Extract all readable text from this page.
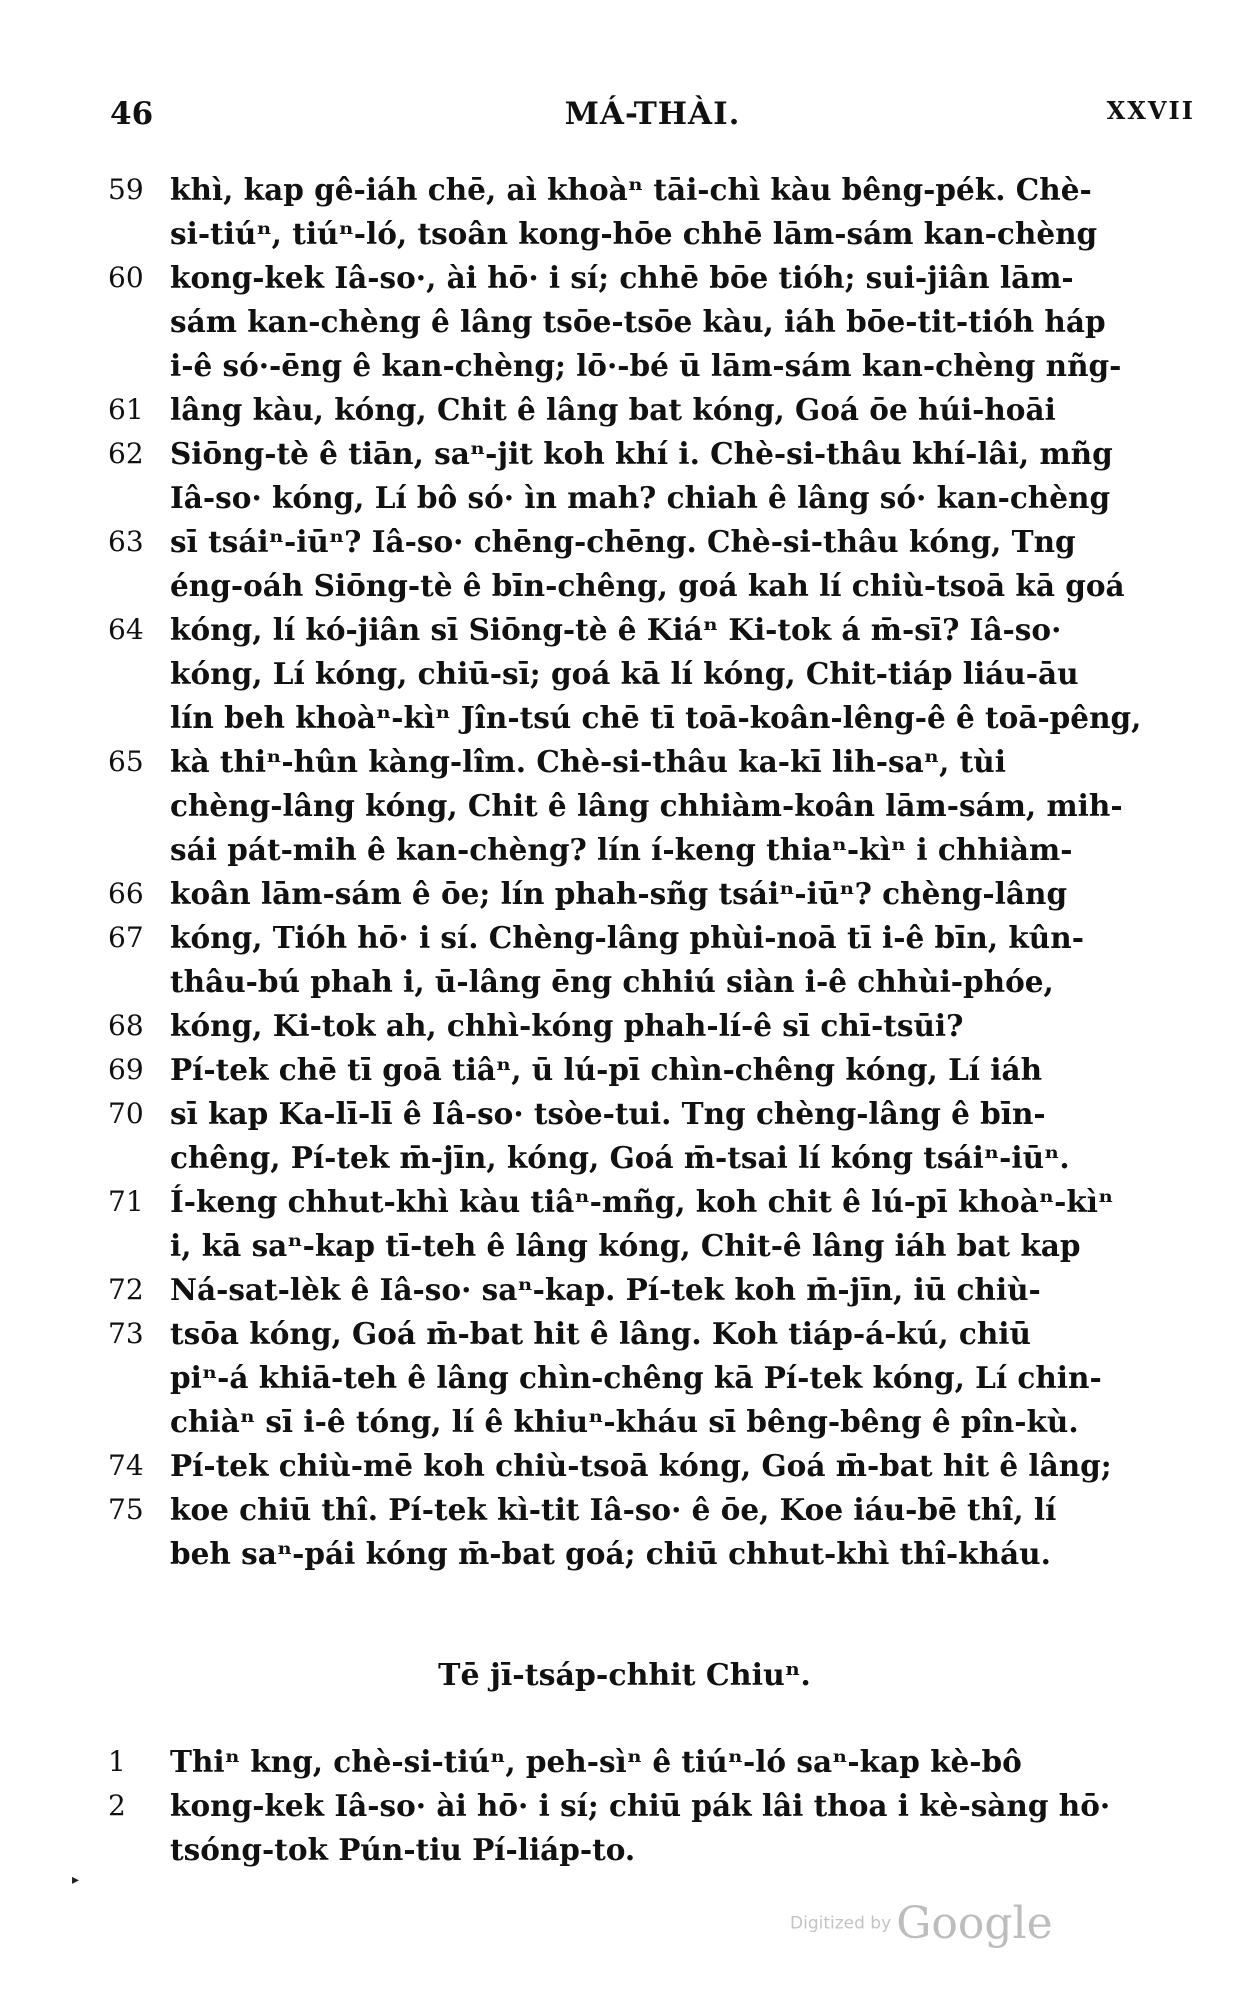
46	MÁ-THÀI.	XXVII
59 khì, kap gê-iáh chē, aì khoàⁿ tāi-chì kàu bêng-pék. Chè-
si-tiúⁿ, tiúⁿ-ló, tsoân kong-hōe chhē lām-sám kan-chèng
60 kong-kek Iâ-so·, ài hō· i sí; chhē bōe tióh; sui-jiân lām-
sám kan-chèng ê lâng tsōe-tsōe kàu, iáh bōe-tit-tióh háp
i-ê só·-ēng ê kan-chèng; lō·-bé ū lām-sám kan-chèng nñg-
61 lâng kàu, kóng, Chit ê lâng bat kóng, Goá ōe húi-hoāi
62 Siōng-tè ê tiān, saⁿ-jit koh khí i. Chè-si-thâu khí-lâi, mñg
Iâ-so· kóng, Lí bô só· ìn mah? chiah ê lâng só· kan-chèng
63 sī tsáiⁿ-iūⁿ? Iâ-so· chēng-chēng. Chè-si-thâu kóng, Tng
éng-oáh Siōng-tè ê bīn-chêng, goá kah lí chiù-tsoā kā goá
64 kóng, lí kó-jiân sī Siōng-tè ê Kiáⁿ Ki-tok á m̄-sī? Iâ-so·
kóng, Lí kóng, chiū-sī; goá kā lí kóng, Chit-tiáp liáu-āu
lín beh khoàⁿ-kìⁿ Jîn-tsú chē tī toā-koân-lêng-ê ê toā-pêng,
65 kà thiⁿ-hûn kàng-lîm. Chè-si-thâu ka-kī lih-saⁿ, tùi
chèng-lâng kóng, Chit ê lâng chhiàm-koân lām-sám, mih-
sái pát-mih ê kan-chèng? lín í-keng thiaⁿ-kìⁿ i chhiàm-
66 koân lām-sám ê ōe; lín phah-sñg tsáiⁿ-iūⁿ? chèng-lâng
67 kóng, Tióh hō· i sí. Chèng-lâng phùi-noā tī i-ê bīn, kûn-
thâu-bú phah i, ū-lâng ēng chhiú siàn i-ê chhùi-phóe,
68 kóng, Ki-tok ah, chhì-kóng phah-lí-ê sī chī-tsūi?
69 Pí-tek chē tī goā tiâⁿ, ū lú-pī chìn-chêng kóng, Lí iáh
70 sī kap Ka-lī-lī ê Iâ-so· tsòe-tui. Tng chèng-lâng ê bīn-
chêng, Pí-tek m̄-jīn, kóng, Goá m̄-tsai lí kóng tsáiⁿ-iūⁿ.
71 Í-keng chhut-khì kàu tiâⁿ-mñg, koh chit ê lú-pī khoàⁿ-kìⁿ
i, kā saⁿ-kap tī-teh ê lâng kóng, Chit-ê lâng iáh bat kap
72 Ná-sat-lèk ê Iâ-so· saⁿ-kap. Pí-tek koh m̄-jīn, iū chiù-
73 tsōa kóng, Goá m̄-bat hit ê lâng. Koh tiáp-á-kú, chiū
piⁿ-á khiā-teh ê lâng chìn-chêng kā Pí-tek kóng, Lí chin-
chiàⁿ sī i-ê tóng, lí ê khiuⁿ-kháu sī bêng-bêng ê pîn-kù.
74 Pí-tek chiù-mē koh chiù-tsoā kóng, Goá m̄-bat hit ê lâng;
75 koe chiū thî. Pí-tek kì-tit Iâ-so· ê ōe, Koe iáu-bē thî, lí
beh saⁿ-pái kóng m̄-bat goá; chiū chhut-khì thî-kháu.
Tē jī-tsáp-chhit Chiuⁿ.
1	Thiⁿ kng, chè-si-tiúⁿ, peh-sìⁿ ê tiúⁿ-ló saⁿ-kap kè-bô
2	kong-kek Iâ-so· ài hō· i sí; chiū pák lâi thoa i kè-sàng hō·
tsóng-tok Pún-tiu Pí-liáp-to.
▸
Digitized by Google
